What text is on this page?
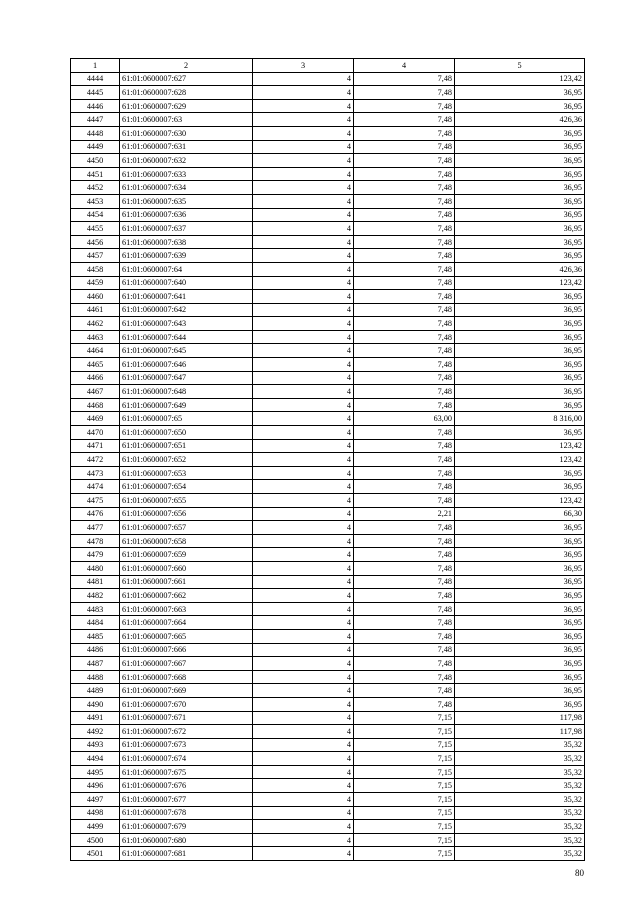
1	2	3	4	5
4444	61:01:0600007:627	4	7,48	123,42
4445	61:01:0600007:628	4	7,48	36,95
4446	61:01:0600007:629	4	7,48	36,95
4447	61:01:0600007:63	4	7,48	426,36
4448	61:01:0600007:630	4	7,48	36,95
4449	61:01:0600007:631	4	7,48	36,95
4450	61:01:0600007:632	4	7,48	36,95
4451	61:01:0600007:633	4	7,48	36,95
4452	61:01:0600007:634	4	7,48	36,95
4453	61:01:0600007:635	4	7,48	36,95
4454	61:01:0600007:636	4	7,48	36,95
4455	61:01:0600007:637	4	7,48	36,95
4456	61:01:0600007:638	4	7,48	36,95
4457	61:01:0600007:639	4	7,48	36,95
4458	61:01:0600007:64	4	7,48	426,36
4459	61:01:0600007:640	4	7,48	123,42
4460	61:01:0600007:641	4	7,48	36,95
4461	61:01:0600007:642	4	7,48	36,95
4462	61:01:0600007:643	4	7,48	36,95
4463	61:01:0600007:644	4	7,48	36,95
4464	61:01:0600007:645	4	7,48	36,95
4465	61:01:0600007:646	4	7,48	36,95
4466	61:01:0600007:647	4	7,48	36,95
4467	61:01:0600007:648	4	7,48	36,95
4468	61:01:0600007:649	4	7,48	36,95
4469	61:01:0600007:65	4	63,00	8 316,00
4470	61:01:0600007:650	4	7,48	36,95
4471	61:01:0600007:651	4	7,48	123,42
4472	61:01:0600007:652	4	7,48	123,42
4473	61:01:0600007:653	4	7,48	36,95
4474	61:01:0600007:654	4	7,48	36,95
4475	61:01:0600007:655	4	7,48	123,42
4476	61:01:0600007:656	4	2,21	66,30
4477	61:01:0600007:657	4	7,48	36,95
4478	61:01:0600007:658	4	7,48	36,95
4479	61:01:0600007:659	4	7,48	36,95
4480	61:01:0600007:660	4	7,48	36,95
4481	61:01:0600007:661	4	7,48	36,95
4482	61:01:0600007:662	4	7,48	36,95
4483	61:01:0600007:663	4	7,48	36,95
4484	61:01:0600007:664	4	7,48	36,95
4485	61:01:0600007:665	4	7,48	36,95
4486	61:01:0600007:666	4	7,48	36,95
4487	61:01:0600007:667	4	7,48	36,95
4488	61:01:0600007:668	4	7,48	36,95
4489	61:01:0600007:669	4	7,48	36,95
4490	61:01:0600007:670	4	7,48	36,95
4491	61:01:0600007:671	4	7,15	117,98
4492	61:01:0600007:672	4	7,15	117,98
4493	61:01:0600007:673	4	7,15	35,32
4494	61:01:0600007:674	4	7,15	35,32
4495	61:01:0600007:675	4	7,15	35,32
4496	61:01:0600007:676	4	7,15	35,32
4497	61:01:0600007:677	4	7,15	35,32
4498	61:01:0600007:678	4	7,15	35,32
4499	61:01:0600007:679	4	7,15	35,32
4500	61:01:0600007:680	4	7,15	35,32
4501	61:01:0600007:681	4	7,15	35,32
80
